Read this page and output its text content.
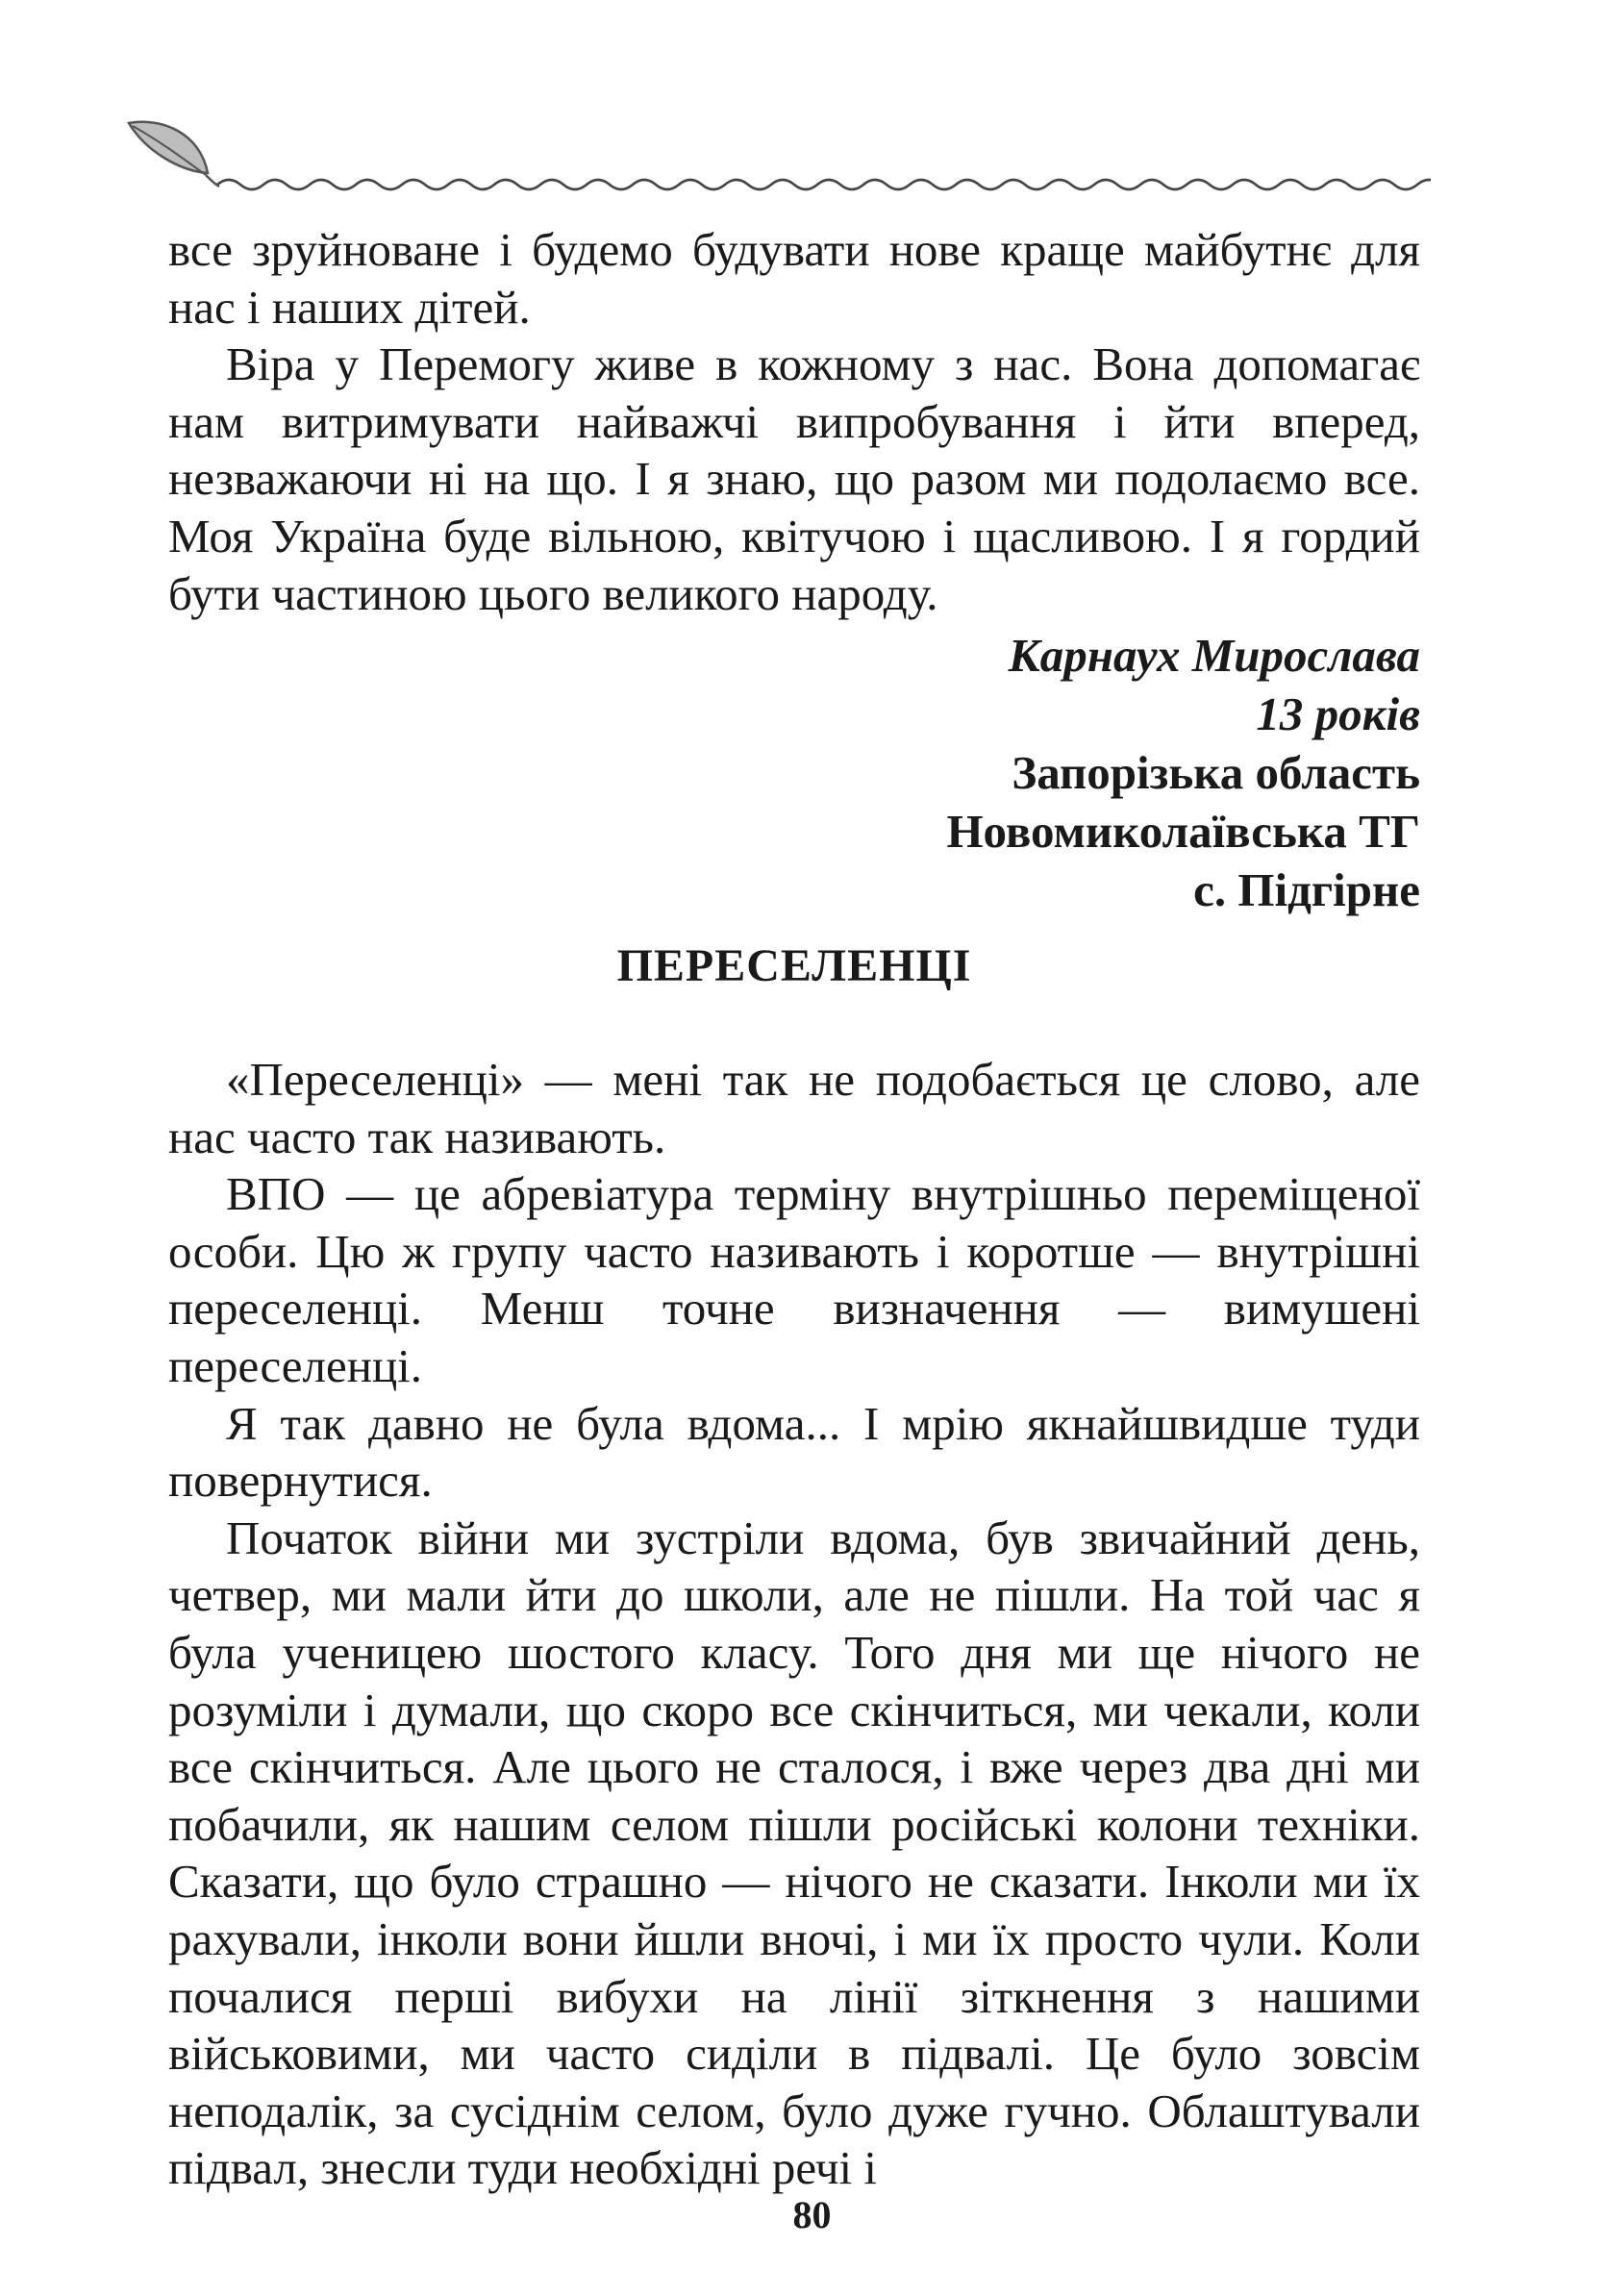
все зруйноване і будемо будувати нове краще майбутнє для нас і наших дітей.

Віра у Перемогу живе в кожному з нас. Вона допомагає нам витримувати найважчі випробування і йти вперед, незважаючи ні на що. І я знаю, що разом ми подолаємо все. Моя Україна буде вільною, квітучою і щасливою. І я гордий бути частиною цього великого народу.

Карнаух Мирослава
13 років
Запорізька область
Новомиколаївська ТГ
с. Підгірне
ПЕРЕСЕЛЕНЦІ

«Переселенці» — мені так не подобається це слово, але нас часто так називають.

ВПО — це абревіатура терміну внутрішньо переміщеної особи. Цю ж групу часто називають і коротше — внутрішні переселенці. Менш точне визначення — вимушені переселенці.

Я так давно не була вдома... І мрію якнайшвидше туди повернутися.

Початок війни ми зустріли вдома, був звичайний день, четвер, ми мали йти до школи, але не пішли. На той час я була ученицею шостого класу. Того дня ми ще нічого не розуміли і думали, що скоро все скінчиться, ми чекали, коли все скінчиться. Але цього не сталося, і вже через два дні ми побачили, як нашим селом пішли російські колони техніки. Сказати, що було страшно — нічого не сказати. Інколи ми їх рахували, інколи вони йшли вночі, і ми їх просто чули. Коли почалися перші вибухи на лінії зіткнення з нашими військовими, ми часто сиділи в підвалі. Це було зовсім неподалік, за сусіднім селом, було дуже гучно. Облаштували підвал, знесли туди необхідні речі і

80
